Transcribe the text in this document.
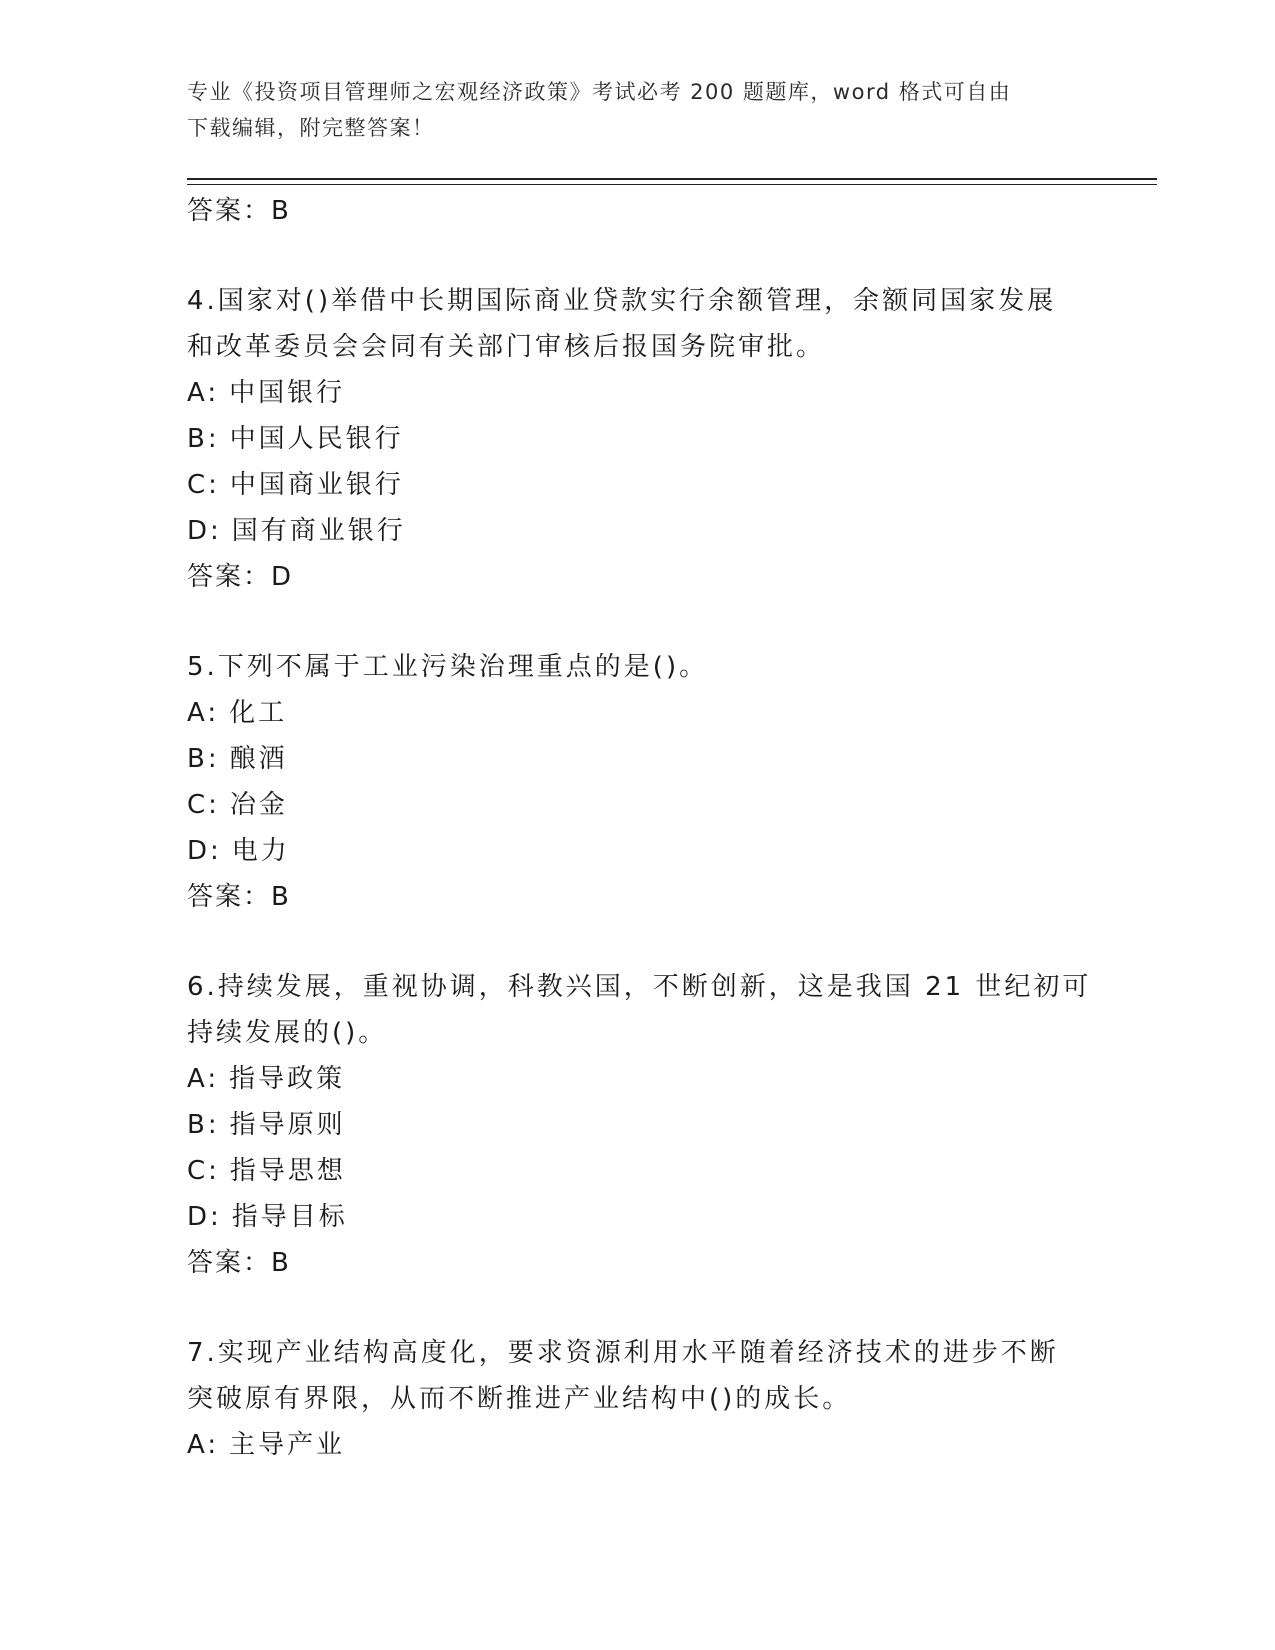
专业《投资项目管理师之宏观经济政策》考试必考 200 题题库，word 格式可自由
下载编辑，附完整答案！
答案：B
4.国家对()举借中长期国际商业贷款实行余额管理，余额同国家发展
和改革委员会会同有关部门审核后报国务院审批。
A: 中国银行
B: 中国人民银行
C: 中国商业银行
D: 国有商业银行
答案：D
5.下列不属于工业污染治理重点的是()。
A: 化工
B: 酿酒
C: 冶金
D: 电力
答案：B
6.持续发展，重视协调，科教兴国，不断创新，这是我国 21 世纪初可
持续发展的()。
A: 指导政策
B: 指导原则
C: 指导思想
D: 指导目标
答案：B
7.实现产业结构高度化，要求资源利用水平随着经济技术的进步不断
突破原有界限，从而不断推进产业结构中()的成长。
A: 主导产业
